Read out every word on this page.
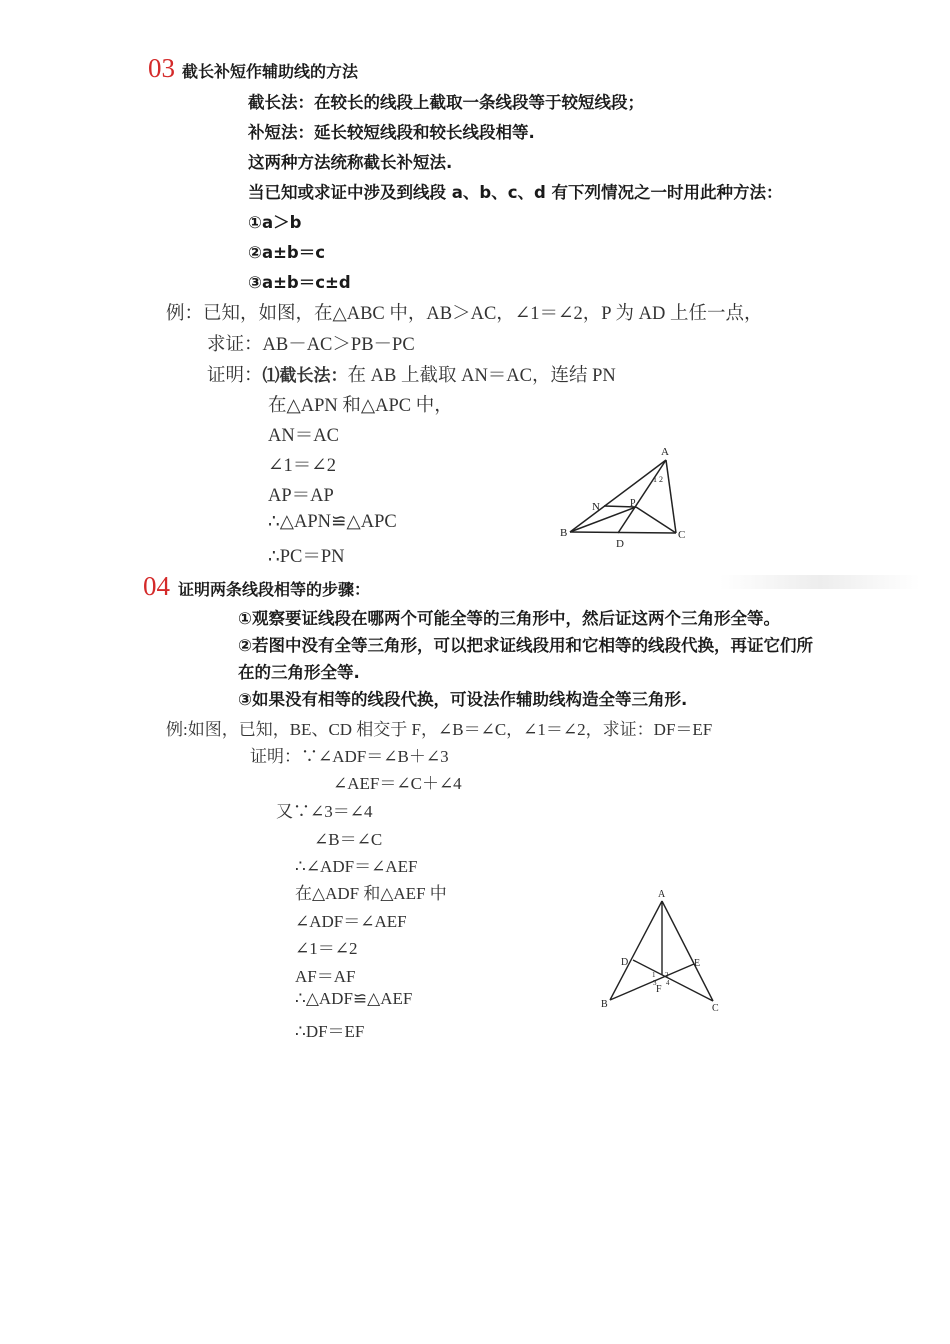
03 截长补短作辅助线的方法
截长法：在较长的线段上截取一条线段等于较短线段；
补短法：延长较短线段和较长线段相等.
这两种方法统称截长补短法.
当已知或求证中涉及到线段 a、b、c、d 有下列情况之一时用此种方法：
①a＞b
②a±b＝c
③a±b＝c±d
例：已知，如图，在△ABC 中，AB＞AC，∠1＝∠2，P 为 AD 上任一点，
求证：AB－AC＞PB－PC
证明：⑴截长法：在 AB 上截取 AN＝AC，连结 PN
在△APN 和△APC 中，
AN＝AC
∠1＝∠2
AP＝AP
∴△APN≌△APC
∴PC＝PN
A
B	C
D
N	P
1 2
04 证明两条线段相等的步骤：
①观察要证线段在哪两个可能全等的三角形中，然后证这两个三角形全等。
②若图中没有全等三角形，可以把求证线段用和它相等的线段代换，再证它们所
在的三角形全等.
③如果没有相等的线段代换，可设法作辅助线构造全等三角形.
例:如图，已知，BE、CD 相交于 F，∠B＝∠C，∠1＝∠2，求证：DF＝EF
证明：∵∠ADF＝∠B＋∠3
∠AEF＝∠C＋∠4
又∵∠3＝∠4
∠B＝∠C
∴∠ADF＝∠AEF
在△ADF 和△AEF 中
∠ADF＝∠AEF
∠1＝∠2
AF＝AF
∴△ADF≌△AEF
∴DF＝EF
A
B	C
D	E
F
1 2
3 4
